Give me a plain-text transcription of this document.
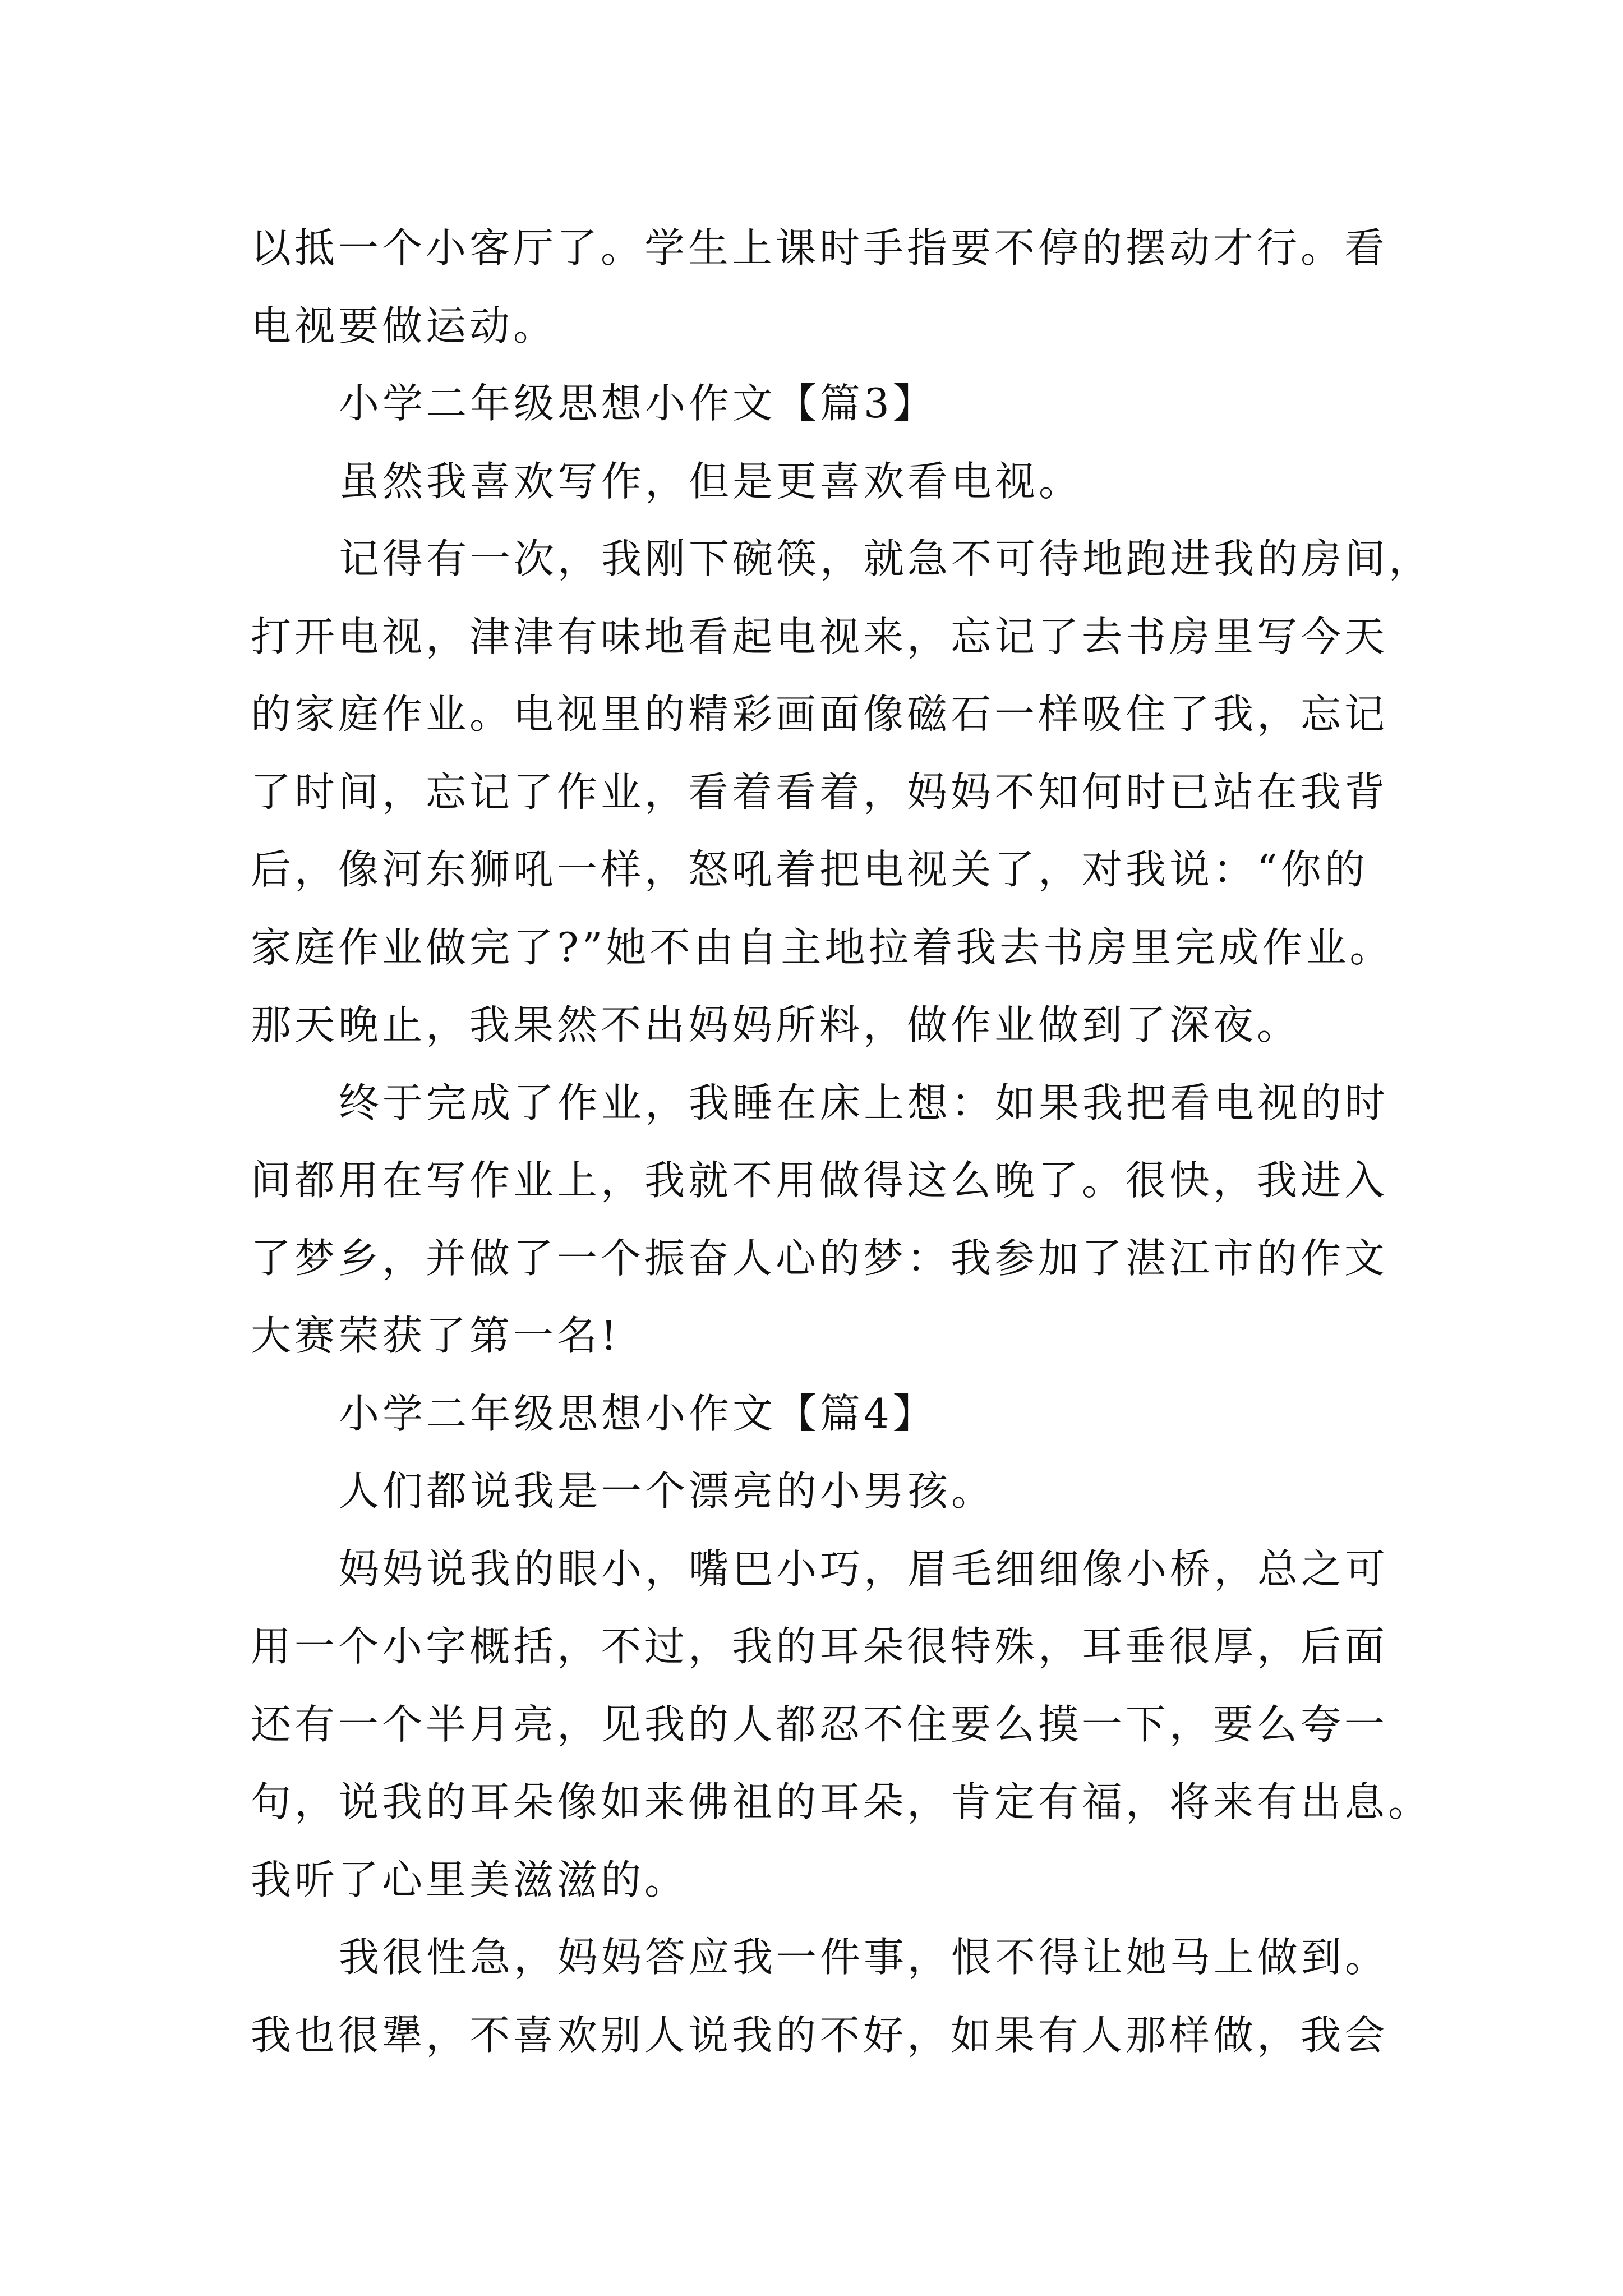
以抵一个小客厅了。学生上课时手指要不停的摆动才行。看
电视要做运动。
小学二年级思想小作文【篇3】
虽然我喜欢写作，但是更喜欢看电视。
记得有一次，我刚下碗筷，就急不可待地跑进我的房间，
打开电视，津津有味地看起电视来，忘记了去书房里写今天
的家庭作业。电视里的精彩画面像磁石一样吸住了我，忘记
了时间，忘记了作业，看着看着，妈妈不知何时已站在我背
后，像河东狮吼一样，怒吼着把电视关了，对我说：“你的
家庭作业做完了?”她不由自主地拉着我去书房里完成作业。
那天晚止，我果然不出妈妈所料，做作业做到了深夜。
终于完成了作业，我睡在床上想：如果我把看电视的时
间都用在写作业上，我就不用做得这么晚了。很快，我进入
了梦乡，并做了一个振奋人心的梦：我参加了湛江市的作文
大赛荣获了第一名!
小学二年级思想小作文【篇4】
人们都说我是一个漂亮的小男孩。
妈妈说我的眼小，嘴巴小巧，眉毛细细像小桥，总之可
用一个小字概括，不过，我的耳朵很特殊，耳垂很厚，后面
还有一个半月亮，见我的人都忍不住要么摸一下，要么夸一
句，说我的耳朵像如来佛祖的耳朵，肯定有福，将来有出息。
我听了心里美滋滋的。
我很性急，妈妈答应我一件事，恨不得让她马上做到。
我也很犟，不喜欢别人说我的不好，如果有人那样做，我会
